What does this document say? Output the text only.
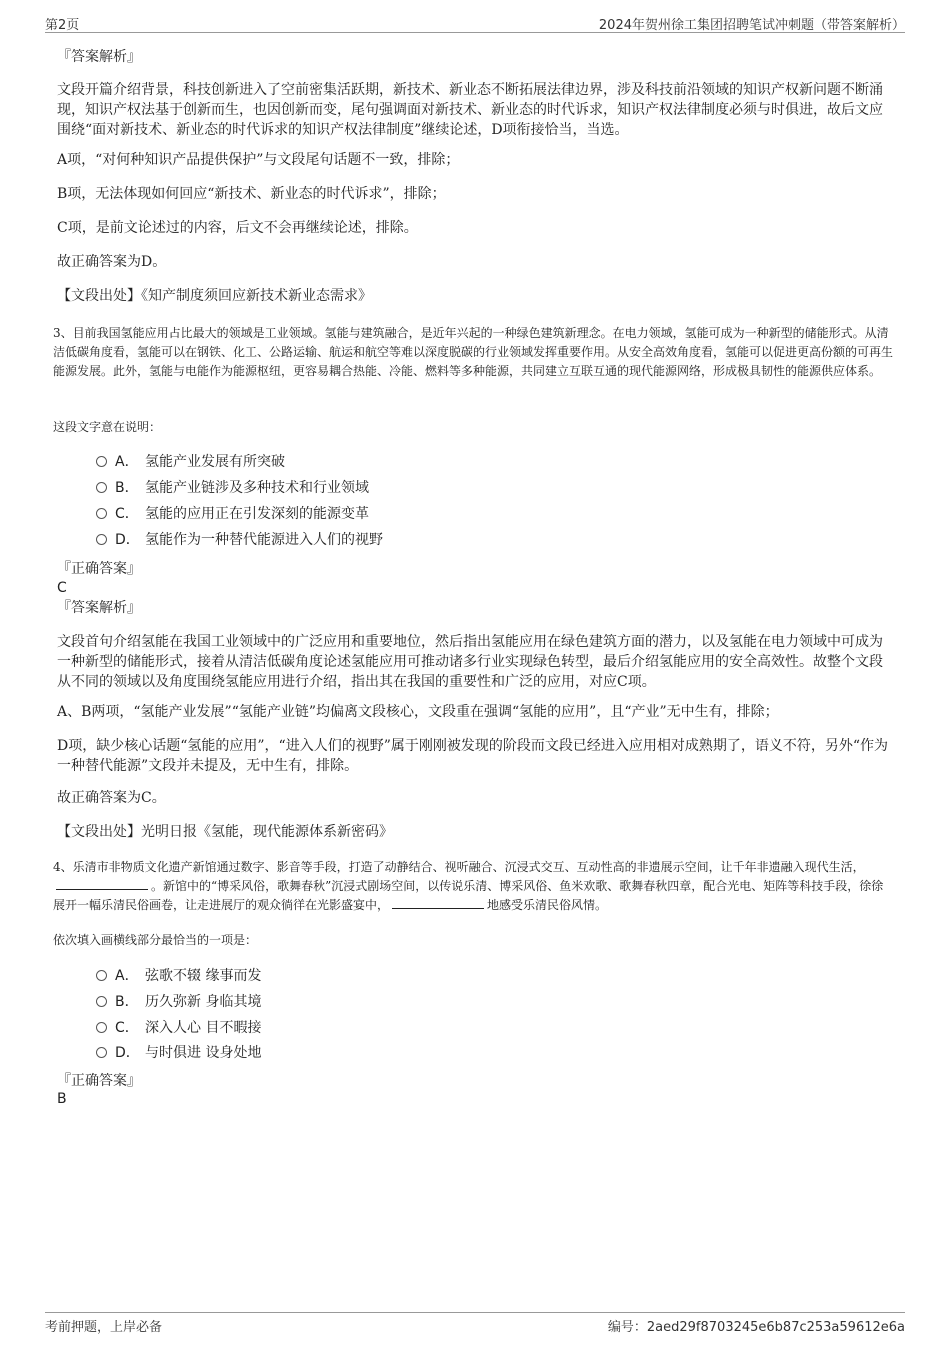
第2页	2024年贺州徐工集团招聘笔试冲刺题（带答案解析）
『答案解析』
文段开篇介绍背景，科技创新进入了空前密集活跃期，新技术、新业态不断拓展法律边界，涉及科技前沿领域的知识产权新问题不断涌现，知识产权法基于创新而生，也因创新而变，尾句强调面对新技术、新业态的时代诉求，知识产权法律制度必须与时俱进，故后文应围绕“面对新技术、新业态的时代诉求的知识产权法律制度”继续论述，D项衔接恰当，当选。
A项，“对何种知识产品提供保护”与文段尾句话题不一致，排除；
B项，无法体现如何回应“新技术、新业态的时代诉求”，排除；
C项，是前文论述过的内容，后文不会再继续论述，排除。
故正确答案为D。
【文段出处】《知产制度须回应新技术新业态需求》
3、目前我国氢能应用占比最大的领域是工业领域。氢能与建筑融合，是近年兴起的一种绿色建筑新理念。在电力领域，氢能可成为一种新型的储能形式。从清洁低碳角度看，氢能可以在钢铁、化工、公路运输、航运和航空等难以深度脱碳的行业领域发挥重要作用。从安全高效角度看，氢能可以促进更高份额的可再生能源发展。此外，氢能与电能作为能源枢纽，更容易耦合热能、冷能、燃料等多种能源，共同建立互联互通的现代能源网络，形成极具韧性的能源供应体系。
这段文字意在说明：
A． 氢能产业发展有所突破
B． 氢能产业链涉及多种技术和行业领域
C． 氢能的应用正在引发深刻的能源变革
D． 氢能作为一种替代能源进入人们的视野
『正确答案』
C
『答案解析』
文段首句介绍氢能在我国工业领域中的广泛应用和重要地位，然后指出氢能应用在绿色建筑方面的潜力，以及氢能在电力领域中可成为一种新型的储能形式，接着从清洁低碳角度论述氢能应用可推动诸多行业实现绿色转型，最后介绍氢能应用的安全高效性。故整个文段从不同的领域以及角度围绕氢能应用进行介绍，指出其在我国的重要性和广泛的应用，对应C项。
A、B两项，“氢能产业发展”“氢能产业链”均偏离文段核心，文段重在强调“氢能的应用”，且“产业”无中生有，排除；
D项，缺少核心话题“氢能的应用”，“进入人们的视野”属于刚刚被发现的阶段而文段已经进入应用相对成熟期了，语义不符，另外“作为一种替代能源”文段并未提及，无中生有，排除。
故正确答案为C。
【文段出处】光明日报《氢能，现代能源体系新密码》
4、乐清市非物质文化遗产新馆通过数字、影音等手段，打造了动静结合、视听融合、沉浸式交互、互动性高的非遗展示空间，让千年非遗融入现代生活，。新馆中的“博采风俗，歌舞春秋”沉浸式剧场空间，以传说乐清、博采风俗、鱼米欢歌、歌舞春秋四章，配合光电、矩阵等科技手段，徐徐展开一幅乐清民俗画卷，让走进展厅的观众徜徉在光影盛宴中，	地感受乐清民俗风情。
依次填入画横线部分最恰当的一项是：
A． 弦歌不辍 缘事而发
B． 历久弥新 身临其境
C． 深入人心 目不暇接
D． 与时俱进 设身处地
『正确答案』
B
考前押题，上岸必备	编号：2aed29f8703245e6b87c253a59612e6a
